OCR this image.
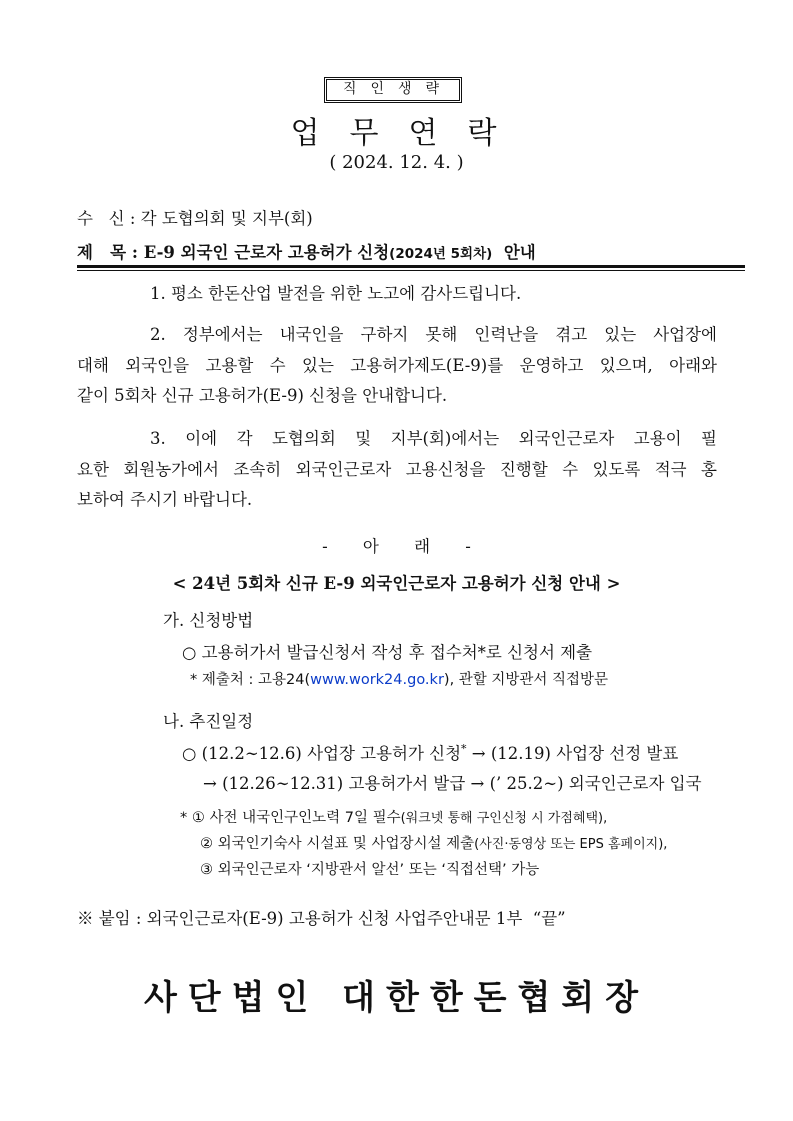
직인생략
업무연락
( 2024. 12. 4. )
수   신 : 각 도협의회 및 지부(회)
제   목 : E-9 외국인 근로자 고용허가 신청(2024년 5회차) 안내
1. 평소 한돈산업 발전을 위한 노고에 감사드립니다.
2. 정부에서는 내국인을 구하지 못해 인력난을 겪고 있는 사업장에
대해 외국인을 고용할 수 있는 고용허가제도(E-9)를 운영하고 있으며, 아래와
같이 5회차 신규 고용허가(E-9) 신청을 안내합니다.
3. 이에 각 도협의회 및 지부(회)에서는 외국인근로자 고용이 필
요한 회원농가에서 조속히 외국인근로자 고용신청을 진행할 수 있도록 적극 홍
보하여 주시기 바랍니다.
- 아 래 -
< 24년 5회차 신규 E-9 외국인근로자 고용허가 신청 안내 >
가. 신청방법
○ 고용허가서 발급신청서 작성 후 접수처*로 신청서 제출
* 제출처 : 고용24(www.work24.go.kr), 관할 지방관서 직접방문
나. 추진일정
○ (12.2∼12.6) 사업장 고용허가 신청* → (12.19) 사업장 선정 발표
→ (12.26∼12.31) 고용허가서 발급 → (’ 25.2∼) 외국인근로자 입국
* ① 사전 내국인구인노력 7일 필수(워크넷 통해 구인신청 시 가점혜택),
② 외국인기숙사 시설표 및 사업장시설 제출(사진·동영상 또는 EPS 홈페이지),
③ 외국인근로자 ‘지방관서 알선’ 또는 ‘직접선택’ 가능
※ 붙임 : 외국인근로자(E-9) 고용허가 신청 사업주안내문 1부  “끝”
사단법인 대한한돈협회장
